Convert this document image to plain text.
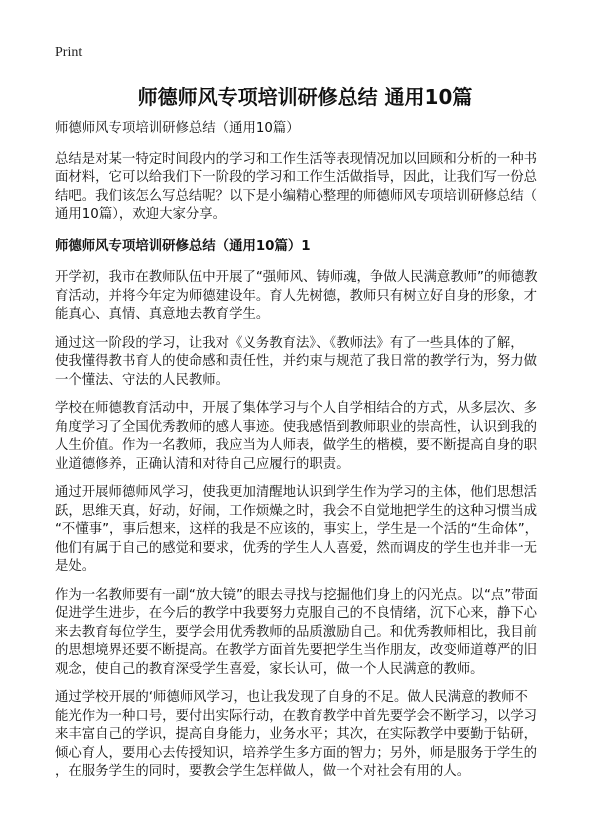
Print
师德师风专项培训研修总结 通用10篇
师德师风专项培训研修总结（通用10篇）
总结是对某一特定时间段内的学习和工作生活等表现情况加以回顾和分析的一种书
面材料，它可以给我们下一阶段的学习和工作生活做指导，因此，让我们写一份总
结吧。我们该怎么写总结呢？以下是小编精心整理的师德师风专项培训研修总结（
通用10篇），欢迎大家分享。
师德师风专项培训研修总结（通用10篇）1
开学初，我市在教师队伍中开展了“强师风、铸师魂，争做人民满意教师”的师德教
育活动，并将今年定为师德建设年。育人先树德，教师只有树立好自身的形象，才
能真心、真情、真意地去教育学生。
通过这一阶段的学习，让我对《义务教育法》、《教师法》有了一些具体的了解，
使我懂得教书育人的使命感和责任性，并约束与规范了我日常的教学行为，努力做
一个懂法、守法的人民教师。
学校在师德教育活动中，开展了集体学习与个人自学相结合的方式，从多层次、多
角度学习了全国优秀教师的感人事迹。使我感悟到教师职业的崇高性，认识到我的
人生价值。作为一名教师，我应当为人师表，做学生的楷模，要不断提高自身的职
业道德修养，正确认清和对待自己应履行的职责。
通过开展师德师风学习，使我更加清醒地认识到学生作为学习的主体，他们思想活
跃，思维天真，好动，好闹，工作烦燥之时，我会不自觉地把学生的这种习惯当成
“不懂事”，事后想来，这样的我是不应该的，事实上，学生是一个活的“生命体”，
他们有属于自己的感觉和要求，优秀的学生人人喜爱，然而调皮的学生也并非一无
是处。
作为一名教师要有一副“放大镜”的眼去寻找与挖掘他们身上的闪光点。以“点”带面
促进学生进步，在今后的教学中我要努力克服自己的不良情绪，沉下心来，静下心
来去教育每位学生，要学会用优秀教师的品质激励自己。和优秀教师相比，我目前
的思想境界还要不断提高。在教学方面首先要把学生当作朋友，改变师道尊严的旧
观念，使自己的教育深受学生喜爱，家长认可，做一个人民满意的教师。
通过学校开展的‘师德师风学习，也让我发现了自身的不足。做人民满意的教师不
能光作为一种口号，要付出实际行动，在教育教学中首先要学会不断学习，以学习
来丰富自己的学识，提高自身能力，业务水平；其次，在实际教学中要勤于钻研，
倾心育人，要用心去传授知识，培养学生多方面的智力；另外，师是服务于学生的
，在服务学生的同时，要教会学生怎样做人，做一个对社会有用的人。
